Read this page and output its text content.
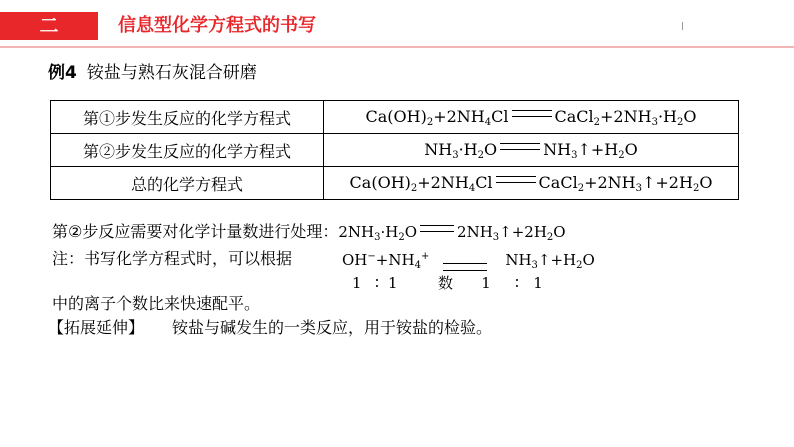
二	信息型化学方程式的书写
例4 铵盐与熟石灰混合研磨
第①步发生反应的化学方程式	$Ca(OH)_2+2NH_4Cl$ $CaCl_2+2NH_3\cdot H_2O$
第②步发生反应的化学方程式	$NH_3\cdot H_2O$ $NH_3↑+H_2O$
总的化学方程式	$Ca(OH)_2+2NH_4Cl$ $CaCl_2+2NH_3↑+2H_2O$
第②步反应需要对化学计量数进行处理：$2NH_3\cdot H_2O$	$2NH_3↑+2H_2O$
注：书写化学方程式时，可以根据	$OH^-+NH_4^+$	$NH_3↑+H_2O$
1 ∶ 1	数 1 ∶ 1
中的离子个数比来快速配平。
【拓展延伸】 铵盐与碱发生的一类反应，用于铵盐的检验。
